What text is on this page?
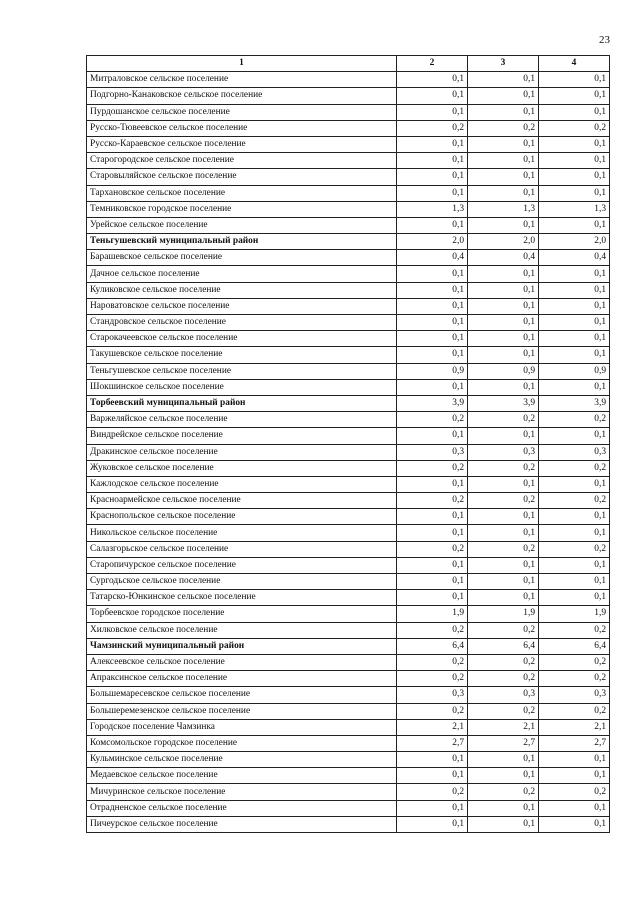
23
1	2	3	4
Митраловское сельское поселение	0,1	0,1	0,1
Подгорно-Канаковское сельское поселение	0,1	0,1	0,1
Пурдошанское сельское поселение	0,1	0,1	0,1
Русско-Тювеевское сельское поселение	0,2	0,2	0,2
Русско-Караевское сельское поселение	0,1	0,1	0,1
Старогородское сельское поселение	0,1	0,1	0,1
Старовыляйское сельское поселение	0,1	0,1	0,1
Тархановское сельское поселение	0,1	0,1	0,1
Темниковское городское поселение	1,3	1,3	1,3
Урейское сельское поселение	0,1	0,1	0,1
Теньгушевский муниципальный район	2,0	2,0	2,0
Барашевское сельское поселение	0,4	0,4	0,4
Дачное сельское поселение	0,1	0,1	0,1
Куликовское сельское поселение	0,1	0,1	0,1
Нароватовское сельское поселение	0,1	0,1	0,1
Стандровское сельское поселение	0,1	0,1	0,1
Старокачеевское сельское поселение	0,1	0,1	0,1
Такушевское сельское поселение	0,1	0,1	0,1
Теньгушевское сельское поселение	0,9	0,9	0,9
Шокшинское сельское поселение	0,1	0,1	0,1
Торбеевский муниципальный район	3,9	3,9	3,9
Варжеляйское сельское поселение	0,2	0,2	0,2
Виндрейское сельское поселение	0,1	0,1	0,1
Дракинское сельское поселение	0,3	0,3	0,3
Жуковское сельское поселение	0,2	0,2	0,2
Кажлодское сельское поселение	0,1	0,1	0,1
Красноармейское сельское поселение	0,2	0,2	0,2
Краснопольское сельское поселение	0,1	0,1	0,1
Никольское сельское поселение	0,1	0,1	0,1
Салазгорьское сельское поселение	0,2	0,2	0,2
Старопичурское сельское поселение	0,1	0,1	0,1
Сургодьское сельское поселение	0,1	0,1	0,1
Татарско-Юнкинское сельское поселение	0,1	0,1	0,1
Торбеевское городское поселение	1,9	1,9	1,9
Хилковское сельское поселение	0,2	0,2	0,2
Чамзинский муниципальный район	6,4	6,4	6,4
Алексеевское сельское поселение	0,2	0,2	0,2
Апраксинское сельское поселение	0,2	0,2	0,2
Большемаресевское сельское поселение	0,3	0,3	0,3
Большеремезенское сельское поселение	0,2	0,2	0,2
Городское поселение Чамзинка	2,1	2,1	2,1
Комсомольское городское поселение	2,7	2,7	2,7
Кульминское сельское поселение	0,1	0,1	0,1
Медаевское сельское поселение	0,1	0,1	0,1
Мичуринское сельское поселение	0,2	0,2	0,2
Отрадненское сельское поселение	0,1	0,1	0,1
Пичеурское сельское поселение	0,1	0,1	0,1
